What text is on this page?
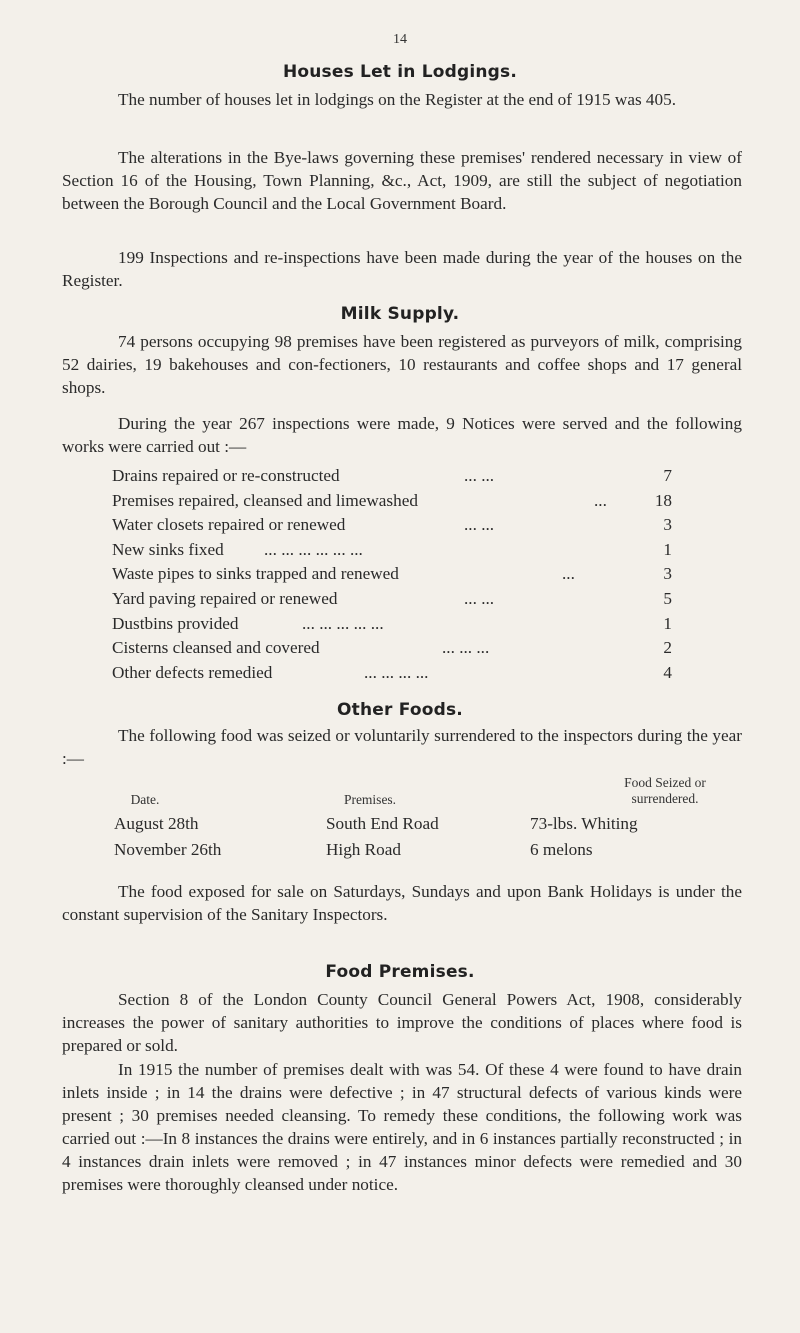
14
Houses Let in Lodgings.

The number of houses let in lodgings on the Register at the end of 1915 was 405.

The alterations in the Bye-laws governing these premises' rendered necessary in view of Section 16 of the Housing, Town Planning, &c., Act, 1909, are still the subject of negotiation between the Borough Council and the Local Government Board.

199 Inspections and re-inspections have been made during the year of the houses on the Register.

Milk Supply.

74 persons occupying 98 premises have been registered as purveyors of milk, comprising 52 dairies, 19 bakehouses and con-fectioners, 10 restaurants and coffee shops and 17 general shops.

During the year 267 inspections were made, 9 Notices were served and the following works were carried out :—

Drains repaired or re-constructed	... ...	7
Premises repaired, cleansed and limewashed	...	18
Water closets repaired or renewed	... ...	3
New sinks fixed ... ... ... ... ... ...	1
Waste pipes to sinks trapped and renewed	...	3
Yard paving repaired or renewed	... ...	5
Dustbins provided	... ... ... ... ...	1
Cisterns cleansed and covered	... ... ...	2
Other defects remedied	... ... ... ...	4
Other Foods.

The following food was seized or voluntarily surrendered to the inspectors during the year :—

Date.	Premises.
Food Seized or surrendered.
August 28th	South End Road	73-lbs. Whiting
November 26th	High Road	6 melons

The food exposed for sale on Saturdays, Sundays and upon Bank Holidays is under the constant supervision of the Sanitary Inspectors.

Food Premises.

Section 8 of the London County Council General Powers Act, 1908, considerably increases the power of sanitary authorities to improve the conditions of places where food is prepared or sold.

In 1915 the number of premises dealt with was 54. Of these 4 were found to have drain inlets inside ; in 14 the drains were defective ; in 47 structural defects of various kinds were present ; 30 premises needed cleansing. To remedy these conditions, the following work was carried out :—In 8 instances the drains were entirely, and in 6 instances partially reconstructed ; in 4 instances drain inlets were removed ; in 47 instances minor defects were remedied and 30 premises were thoroughly cleansed under notice.
